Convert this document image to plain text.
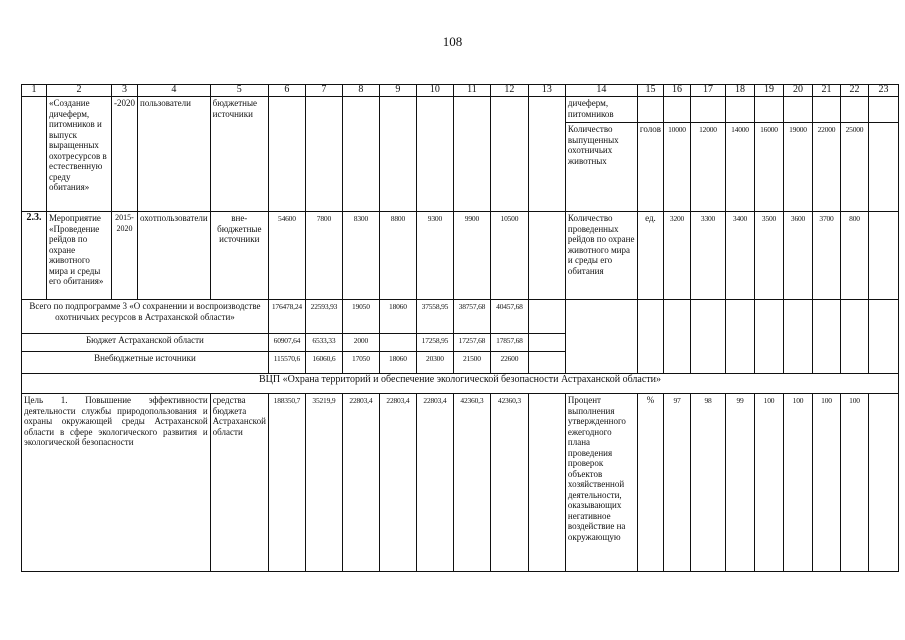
108
1	2	3	4	5	6	7	8	9	10	11	12	13	14	15	16	17	18	19	20	21	22	23
	«Создание дичеферм, питомников и выпуск выращенных охотресурсов в естественную среду обитания»	-2020	пользователи	бюджетные источники									дичеферм, питомников									
													Количество выпущенных охотничьих животных	голов	10000	12000	14000	16000	19000	22000	25000	
2.3.	Мероприятие «Проведение рейдов по охране животного мира и среды его обитания»	2015-2020	охотпользователи	вне-бюджетные источники	54600	7800	8300	8800	9300	9900	10500		Количество проведенных рейдов по охране животного мира и среды его обитания	ед.	3200	3300	3400	3500	3600	3700	800	
Всего по подпрограмме 3 «О сохранении и воспроизводстве охотничьих ресурсов в Астраханской области»					176478,24	22593,93	19050	18060	37558,95	38757,68	40457,68											
Бюджет Астраханской области					60907,64	6533,33	2000		17258,95	17257,68	17857,68											
Внебюджетные источники					115570,6	16060,6	17050	18060	20300	21500	22600											
ВЦП «Охрана территорий и обеспечение экологической безопасности Астраханской области»																						
Цель 1. Повышение эффективности деятельности службы природопользования и охраны окружающей среды Астраханской области в сфере экологического развития и экологической безопасности				средства бюджета Астраханской области	188350,7	35219,9	22803,4	22803,4	22803,4	42360,3	42360,3		Процент выполнения утвержденного ежегодного плана проведения проверок объектов хозяйственной деятельности, оказывающих негативное воздействие на окружающую	%	97	98	99	100	100	100	100	
